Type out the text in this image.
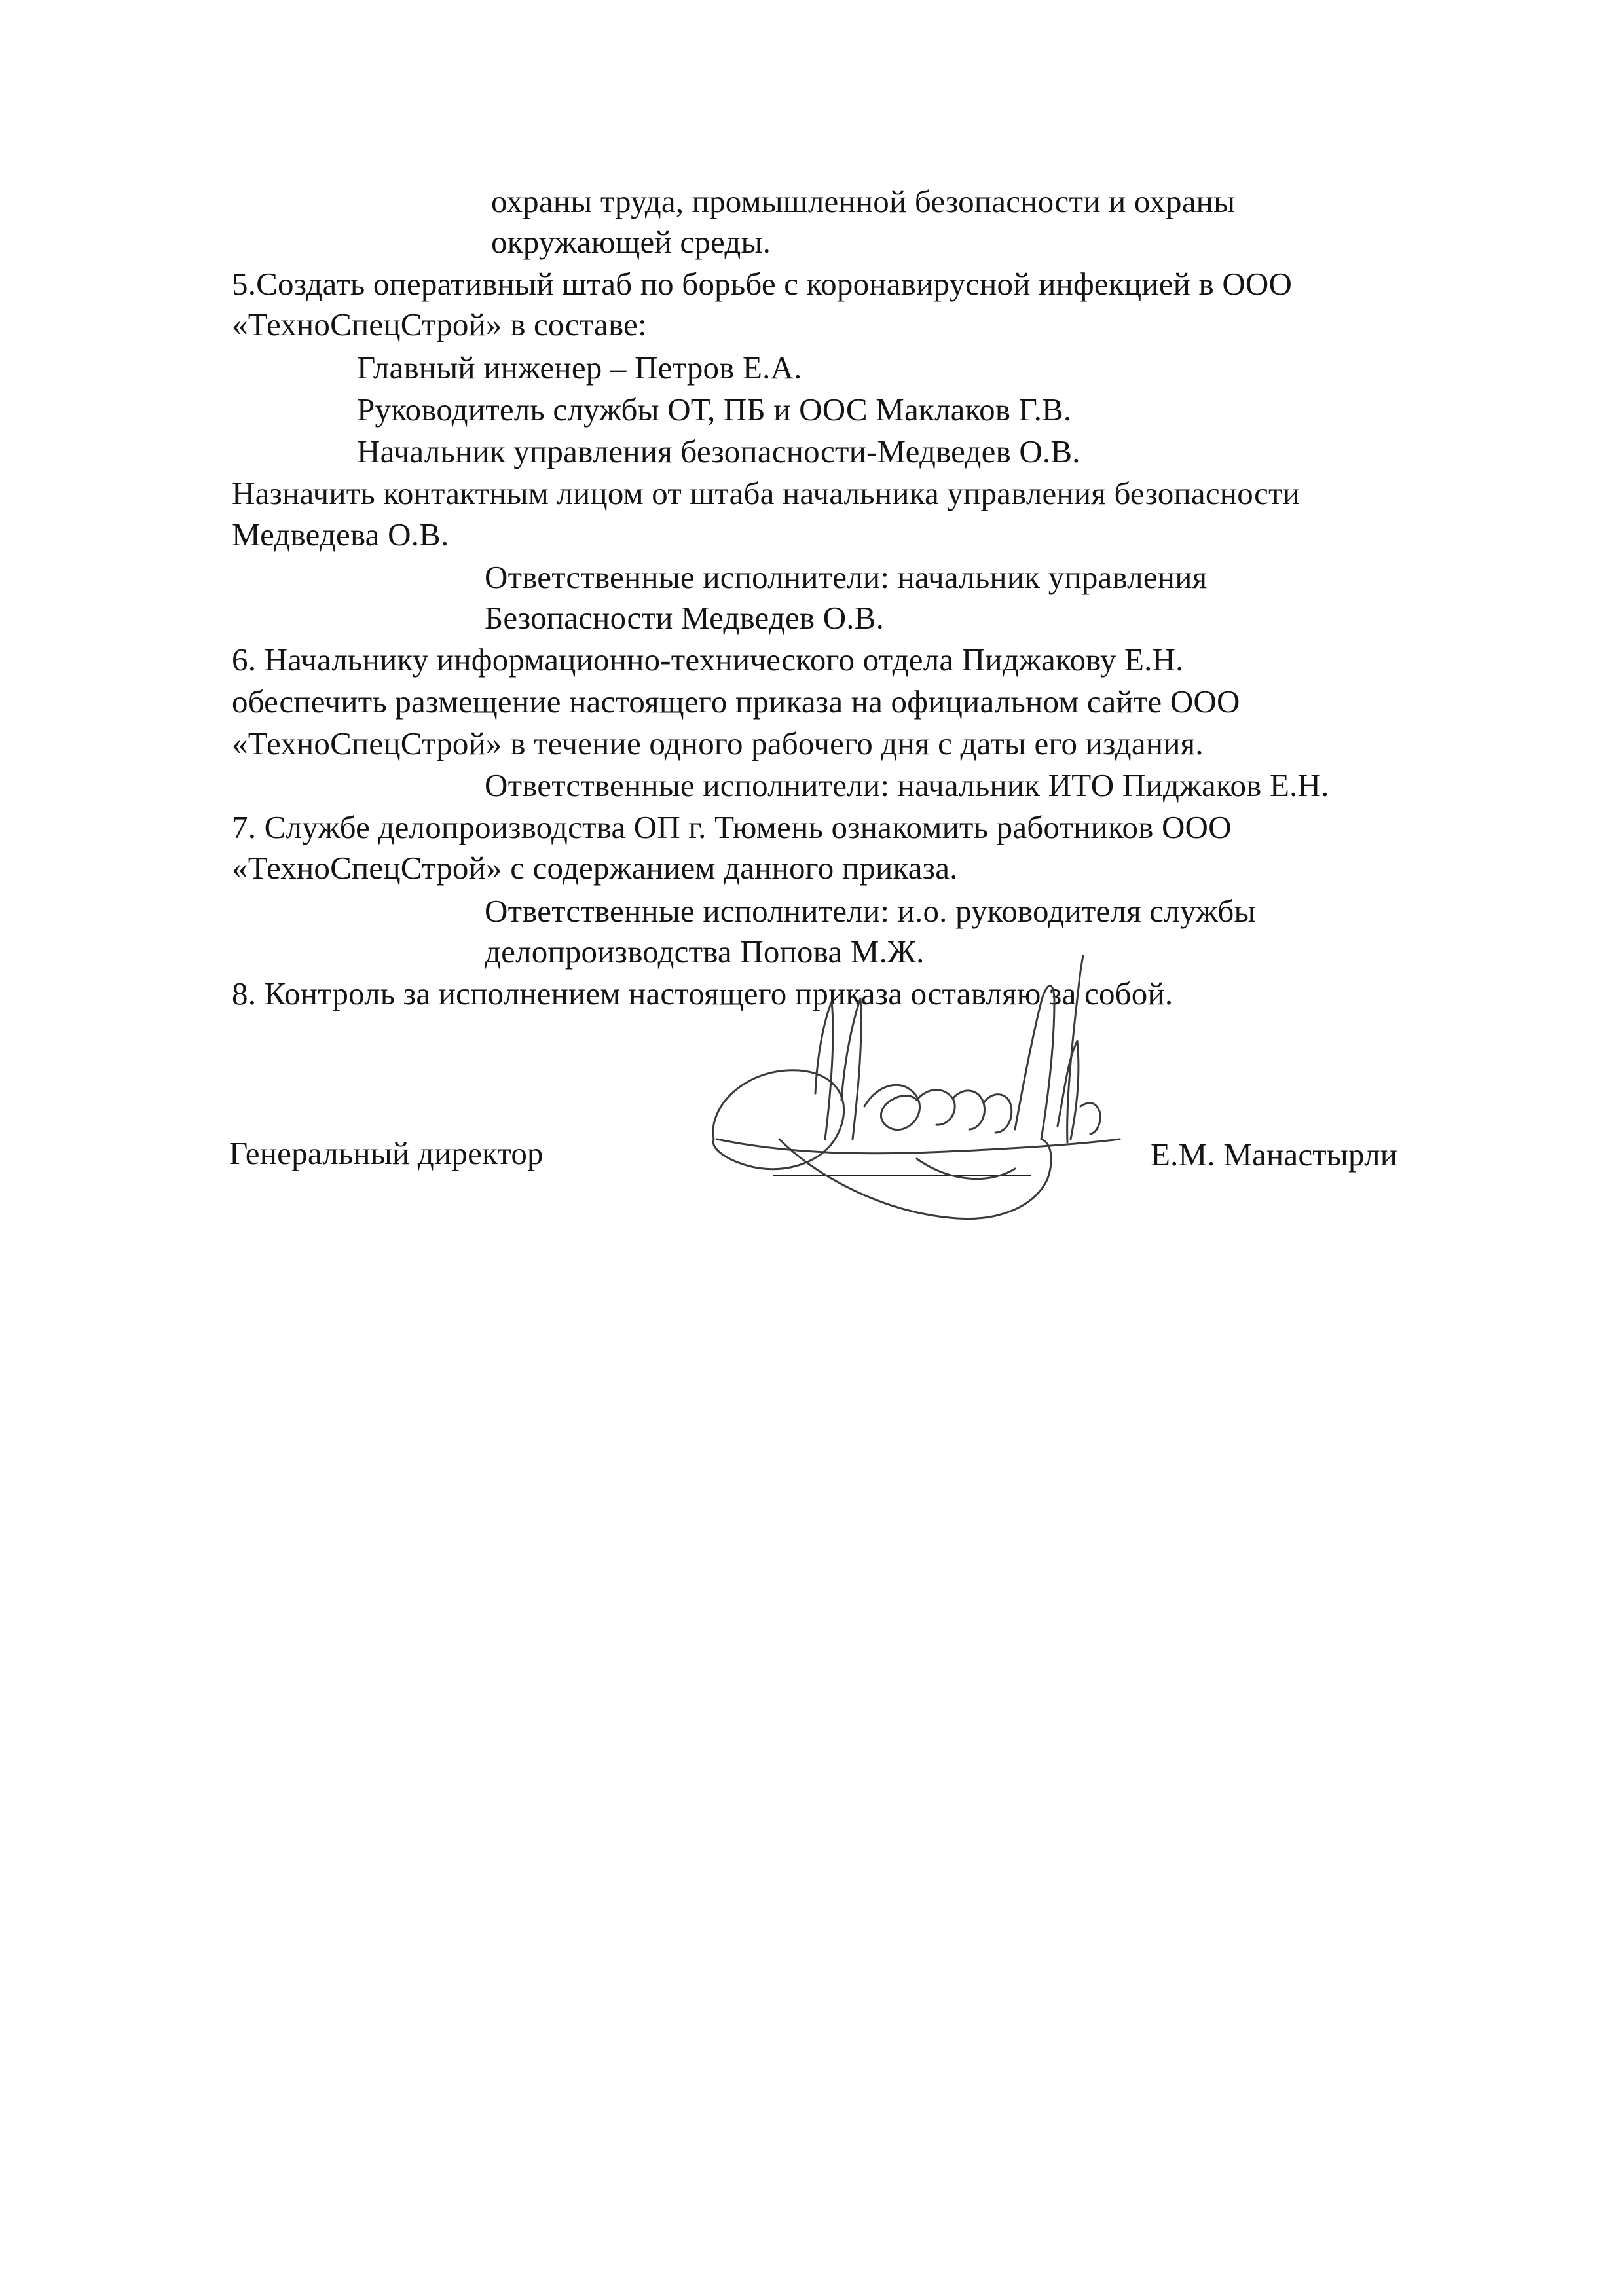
охраны труда, промышленной безопасности и охраны
окружающей среды.
5.Создать оперативный штаб по борьбе с коронавирусной инфекцией в ООО
«ТехноСпецСтрой» в составе:
Главный инженер – Петров Е.А.
Руководитель службы ОТ, ПБ и ООС Маклаков Г.В.
Начальник управления безопасности-Медведев О.В.
Назначить контактным лицом от штаба начальника управления безопасности
Медведева О.В.
Ответственные исполнители: начальник управления
Безопасности Медведев О.В.
6. Начальнику информационно-технического отдела Пиджакову Е.Н.
обеспечить размещение настоящего приказа на официальном сайте ООО
«ТехноСпецСтрой» в течение одного рабочего дня с даты его издания.
Ответственные исполнители: начальник ИТО Пиджаков Е.Н.
7. Службе делопроизводства ОП г. Тюмень ознакомить работников ООО
«ТехноСпецСтрой» с содержанием данного приказа.
Ответственные исполнители: и.о. руководителя службы
делопроизводства Попова М.Ж.
8. Контроль за исполнением настоящего приказа оставляю за собой.
Генеральный директор	Е.М. Манастырли
